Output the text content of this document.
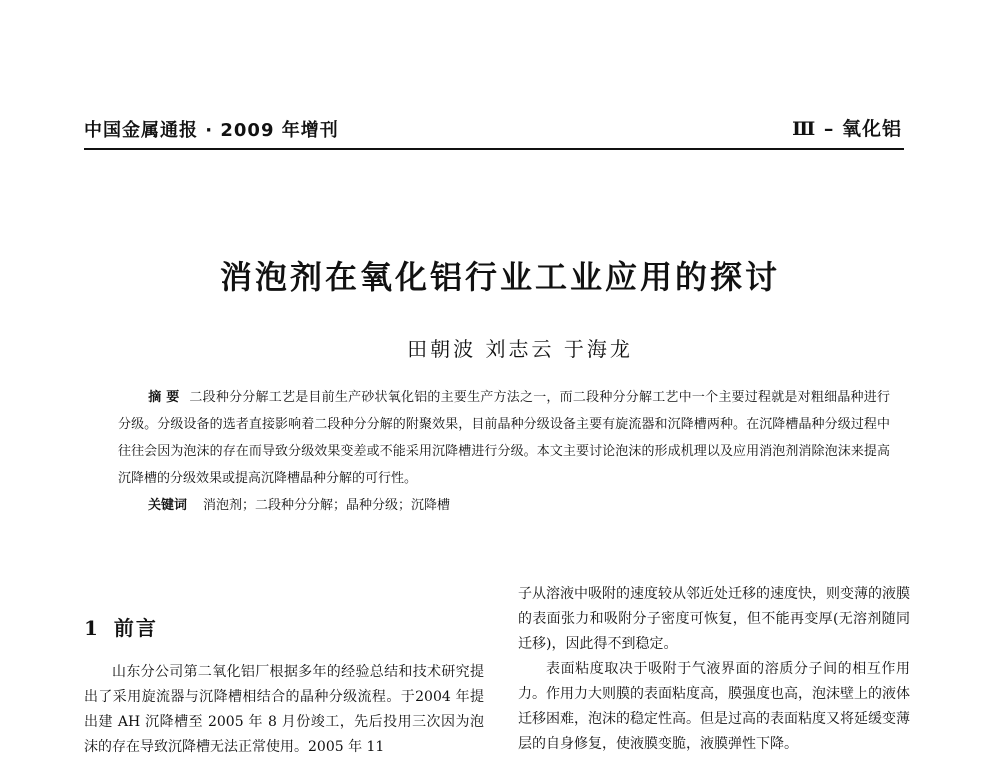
中国金属通报 · 2009 年增刊	Ⅲ – 氧化铝
消泡剂在氧化铝行业工业应用的探讨
田朝波 刘志云 于海龙
摘 要 二段种分分解工艺是目前生产砂状氧化铝的主要生产方法之一，而二段种分分解工艺中一个主要过程就是对粗细晶种进行分级。分级设备的选者直接影响着二段种分分解的附聚效果，目前晶种分级设备主要有旋流器和沉降槽两种。在沉降槽晶种分级过程中往往会因为泡沫的存在而导致分级效果变差或不能采用沉降槽进行分级。本文主要讨论泡沫的形成机理以及应用消泡剂消除泡沫来提高沉降槽的分级效果或提高沉降槽晶种分解的可行性。
关键词 消泡剂；二段种分分解；晶种分级；沉降槽
1 前言

山东分公司第二氧化铝厂根据多年的经验总结和技术研究提出了采用旋流器与沉降槽相结合的晶种分级流程。于2004 年提出建 AH 沉降槽至 2005 年 8 月份竣工，先后投用三次因为泡沫的存在导致沉降槽无法正常使用。2005 年 11

子从溶液中吸附的速度较从邻近处迁移的速度快，则变薄的液膜的表面张力和吸附分子密度可恢复，但不能再变厚(无溶剂随同迁移)，因此得不到稳定。

表面粘度取决于吸附于气液界面的溶质分子间的相互作用力。作用力大则膜的表面粘度高，膜强度也高，泡沫壁上的液体迁移困难，泡沫的稳定性高。但是过高的表面粘度又将延缓变薄层的自身修复，使液膜变脆，液膜弹性下降。
